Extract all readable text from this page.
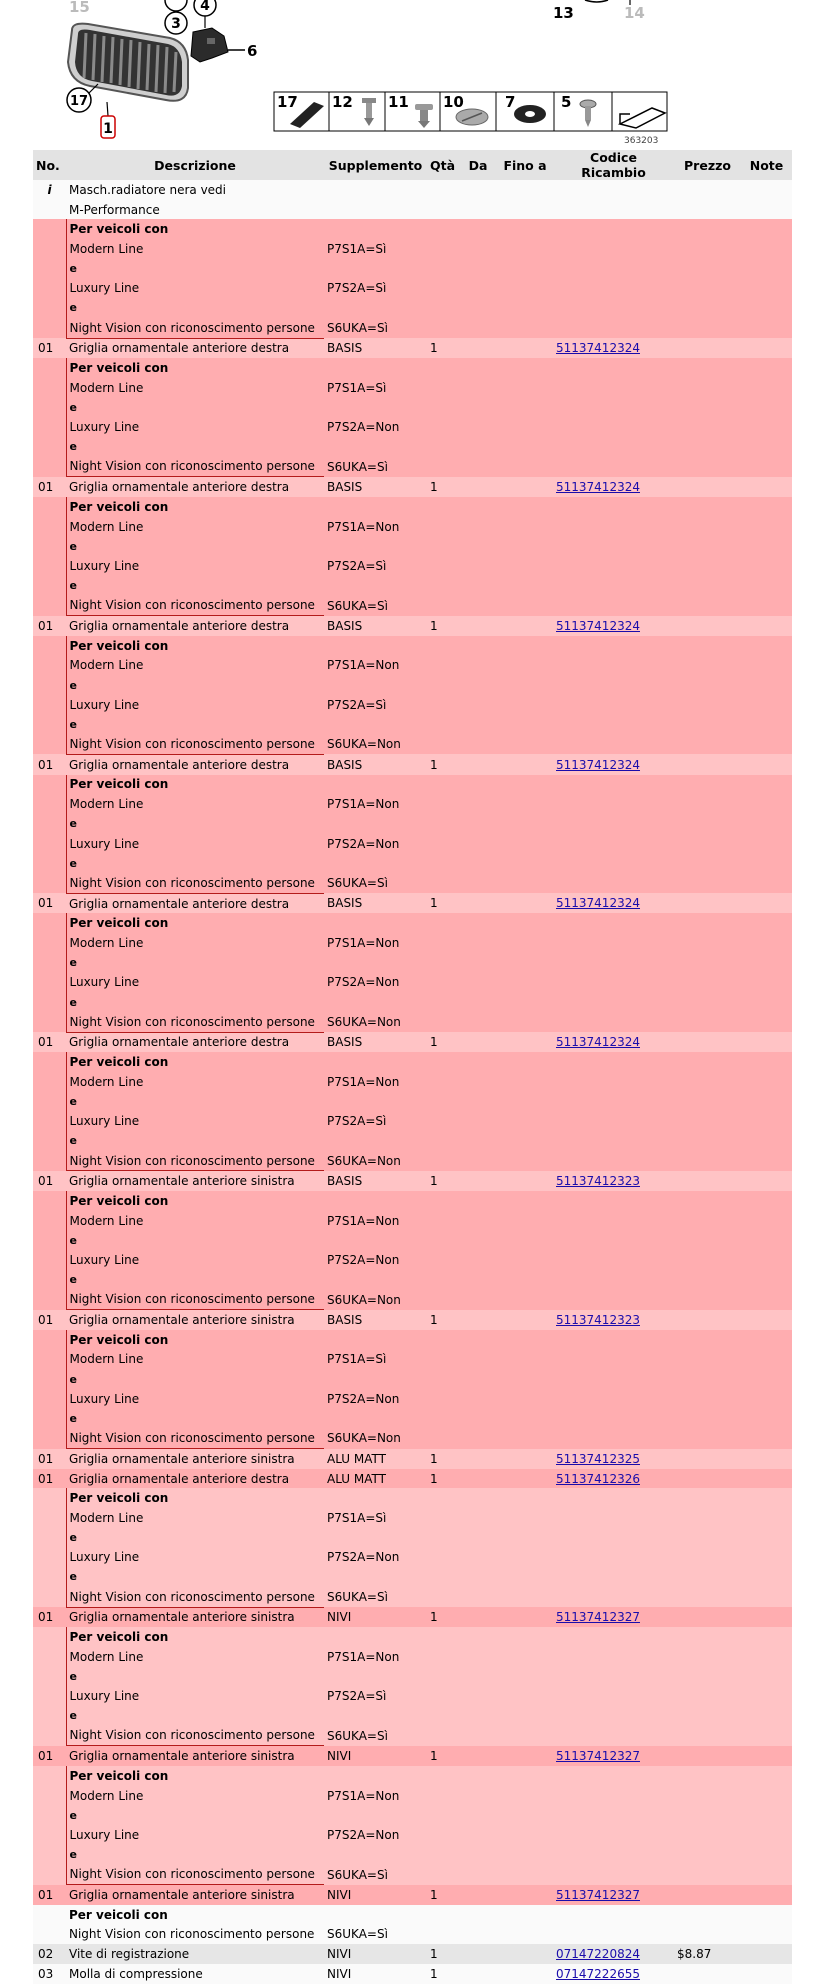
15
3
4
6
17
1
13	14
17 12 11 10	7	5
363203
No.	Descrizione	Supplemento	Qtà	Da	Fino a	Codice Ricambio	Prezzo	Note
i	Masch.radiatore nera vedi							
	M-Performance							
	Per veicoli con							
	Modern Line	P7S1A=Sì						
	e							
	Luxury Line	P7S2A=Sì						
	e							
	Night Vision con riconoscimento persone	S6UKA=Sì						
01	Griglia ornamentale anteriore destra	BASIS	1			51137412324		
	Per veicoli con							
	Modern Line	P7S1A=Sì						
	e							
	Luxury Line	P7S2A=Non						
	e							
	Night Vision con riconoscimento persone	S6UKA=Sì						
01	Griglia ornamentale anteriore destra	BASIS	1			51137412324		
	Per veicoli con							
	Modern Line	P7S1A=Non						
	e							
	Luxury Line	P7S2A=Sì						
	e							
	Night Vision con riconoscimento persone	S6UKA=Sì						
01	Griglia ornamentale anteriore destra	BASIS	1			51137412324		
	Per veicoli con							
	Modern Line	P7S1A=Non						
	e							
	Luxury Line	P7S2A=Sì						
	e							
	Night Vision con riconoscimento persone	S6UKA=Non						
01	Griglia ornamentale anteriore destra	BASIS	1			51137412324		
	Per veicoli con							
	Modern Line	P7S1A=Non						
	e							
	Luxury Line	P7S2A=Non						
	e							
	Night Vision con riconoscimento persone	S6UKA=Sì						
01	Griglia ornamentale anteriore destra	BASIS	1			51137412324		
	Per veicoli con							
	Modern Line	P7S1A=Non						
	e							
	Luxury Line	P7S2A=Non						
	e							
	Night Vision con riconoscimento persone	S6UKA=Non						
01	Griglia ornamentale anteriore destra	BASIS	1			51137412324		
	Per veicoli con							
	Modern Line	P7S1A=Non						
	e							
	Luxury Line	P7S2A=Sì						
	e							
	Night Vision con riconoscimento persone	S6UKA=Non						
01	Griglia ornamentale anteriore sinistra	BASIS	1			51137412323		
	Per veicoli con							
	Modern Line	P7S1A=Non						
	e							
	Luxury Line	P7S2A=Non						
	e							
	Night Vision con riconoscimento persone	S6UKA=Non						
01	Griglia ornamentale anteriore sinistra	BASIS	1			51137412323		
	Per veicoli con							
	Modern Line	P7S1A=Sì						
	e							
	Luxury Line	P7S2A=Non						
	e							
	Night Vision con riconoscimento persone	S6UKA=Non						
01	Griglia ornamentale anteriore sinistra	ALU MATT	1			51137412325		
01	Griglia ornamentale anteriore destra	ALU MATT	1			51137412326		
	Per veicoli con							
	Modern Line	P7S1A=Sì						
	e							
	Luxury Line	P7S2A=Non						
	e							
	Night Vision con riconoscimento persone	S6UKA=Sì						
01	Griglia ornamentale anteriore sinistra	NIVI	1			51137412327		
	Per veicoli con							
	Modern Line	P7S1A=Non						
	e							
	Luxury Line	P7S2A=Sì						
	e							
	Night Vision con riconoscimento persone	S6UKA=Sì						
01	Griglia ornamentale anteriore sinistra	NIVI	1			51137412327		
	Per veicoli con							
	Modern Line	P7S1A=Non						
	e							
	Luxury Line	P7S2A=Non						
	e							
	Night Vision con riconoscimento persone	S6UKA=Sì						
01	Griglia ornamentale anteriore sinistra	NIVI	1			51137412327		
	Per veicoli con							
	Night Vision con riconoscimento persone	S6UKA=Sì						
02	Vite di registrazione	NIVI	1			07147220824	$8.87	
03	Molla di compressione	NIVI	1			07147222655		
